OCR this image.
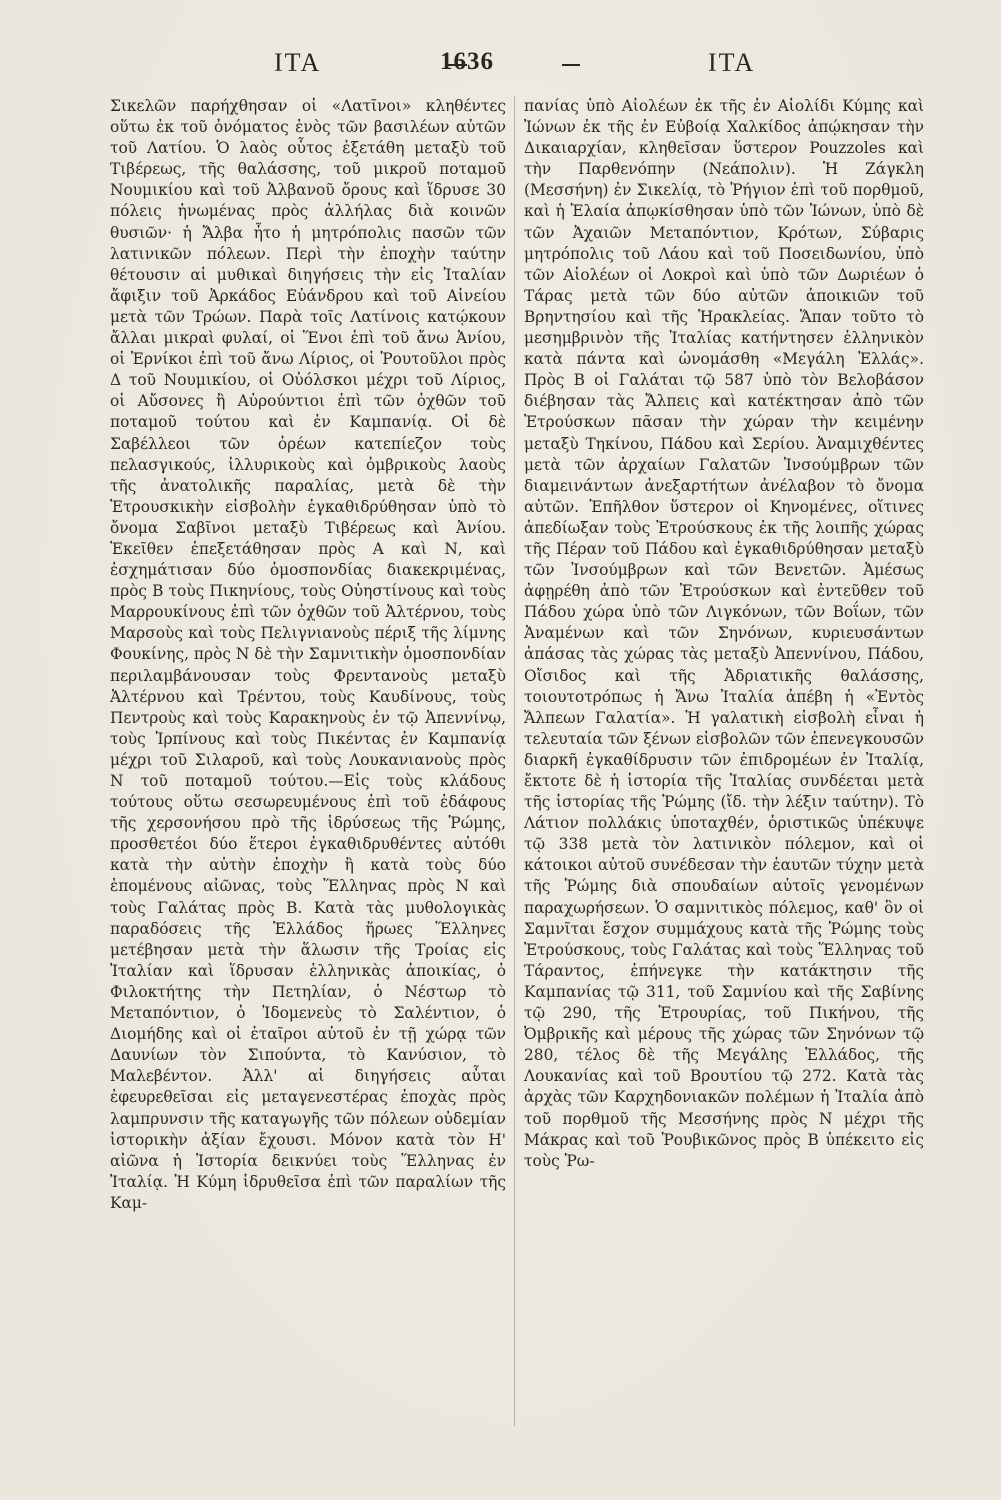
ΙΤΑ	1636	ΙΤΑ

Σικελῶν παρήχθησαν οἱ «Λατῖνοι» κληθέντες οὕτω ἐκ τοῦ ὀνόματος ἑνὸς τῶν βασιλέων αὐτῶν τοῦ Λατίου. Ὁ λαὸς οὗτος ἐξετάθη μεταξὺ τοῦ Τιβέρεως, τῆς θαλάσσης, τοῦ μικροῦ ποταμοῦ Νουμικίου καὶ τοῦ Ἀλβανοῦ ὄρους καὶ ἵδρυσε 30 πόλεις ἡνωμένας πρὸς ἀλλήλας διὰ κοινῶν θυσιῶν· ἡ Ἄλβα ἦτο ἡ μητρόπολις πασῶν τῶν λατινικῶν πόλεων. Περὶ τὴν ἐποχὴν ταύτην θέτουσιν αἱ μυθικαὶ διηγήσεις τὴν εἰς Ἰταλίαν ἄφιξιν τοῦ Ἀρκάδος Εὐάνδρου καὶ τοῦ Αἰνείου μετὰ τῶν Τρώων. Παρὰ τοῖς Λατίνοις κατῴκουν ἄλλαι μικραὶ φυλαί, οἱ Ἕνοι ἐπὶ τοῦ ἄνω Ἀνίου, οἱ Ἐρνίκοι ἐπὶ τοῦ ἄνω Λίριος, οἱ Ῥουτοῦλοι πρὸς Δ τοῦ Νουμικίου, οἱ Οὐόλσκοι μέχρι τοῦ Λίριος, οἱ Αὔσονες ἢ Αὐρούντιοι ἐπὶ τῶν ὀχθῶν τοῦ ποταμοῦ τούτου καὶ ἐν Καμπανίᾳ. Οἱ δὲ Σαβέλλεοι τῶν ὀρέων κατεπίεζον τοὺς πελασγικούς, ἰλλυρικοὺς καὶ ὀμβρικοὺς λαοὺς τῆς ἀνατολικῆς παραλίας, μετὰ δὲ τὴν Ἐτρουσκικὴν εἰσβολὴν ἐγκαθιδρύθησαν ὑπὸ τὸ ὄνομα Σαβῖνοι μεταξὺ Τιβέρεως καὶ Ἀνίου. Ἐκεῖθεν ἐπεξετάθησαν πρὸς Α καὶ Ν, καὶ ἐσχημάτισαν δύο ὁμοσπονδίας διακεκριμένας, πρὸς Β τοὺς Πικηνίους, τοὺς Οὐηστίνους καὶ τοὺς Μαρρουκίνους ἐπὶ τῶν ὀχθῶν τοῦ Ἀλτέρνου, τοὺς Μαρσοὺς καὶ τοὺς Πελιγνιανοὺς πέριξ τῆς λίμνης Φουκίνης, πρὸς Ν δὲ τὴν Σαμνιτικὴν ὁμοσπονδίαν περιλαμβάνουσαν τοὺς Φρεντανοὺς μεταξὺ Ἀλτέρνου καὶ Τρέντου, τοὺς Καυδίνους, τοὺς Πεντροὺς καὶ τοὺς Καρακηνοὺς ἐν τῷ Ἀπεννίνῳ, τοὺς Ἱρπίνους καὶ τοὺς Πικέντας ἐν Καμπανίᾳ μέχρι τοῦ Σιλαροῦ, καὶ τοὺς Λουκανιανοὺς πρὸς Ν τοῦ ποταμοῦ τούτου.—Εἰς τοὺς κλάδους τούτους οὕτω σεσωρευμένους ἐπὶ τοῦ ἐδάφους τῆς χερσονήσου πρὸ τῆς ἱδρύσεως τῆς Ῥώμης, προσθετέοι δύο ἕτεροι ἐγκαθιδρυθέντες αὐτόθι κατὰ τὴν αὐτὴν ἐποχὴν ἢ κατὰ τοὺς δύο ἑπομένους αἰῶνας, τοὺς Ἕλληνας πρὸς Ν καὶ τοὺς Γαλάτας πρὸς Β. Κατὰ τὰς μυθολογικὰς παραδόσεις τῆς Ἑλλάδος ἥρωες Ἕλληνες μετέβησαν μετὰ τὴν ἅλωσιν τῆς Τροίας εἰς Ἰταλίαν καὶ ἵδρυσαν ἑλληνικὰς ἀποικίας, ὁ Φιλοκτήτης τὴν Πετηλίαν, ὁ Νέστωρ τὸ Μεταπόντιον, ὁ Ἰδομενεὺς τὸ Σαλέντιον, ὁ Διομήδης καὶ οἱ ἑταῖροι αὐτοῦ ἐν τῇ χώρᾳ τῶν Δαυνίων τὸν Σιπούντα, τὸ Κανύσιον, τὸ Μαλεβέντον. Ἀλλ' αἱ διηγήσεις αὗται ἐφευρεθεῖσαι εἰς μεταγενεστέρας ἐποχὰς πρὸς λαμπρυνσιν τῆς καταγωγῆς τῶν πόλεων οὐδεμίαν ἱστορικὴν ἀξίαν ἔχουσι. Μόνον κατὰ τὸν Η' αἰῶνα ἡ Ἱστορία δεικνύει τοὺς Ἕλληνας ἐν Ἰταλίᾳ. Ἡ Κύμη ἱδρυθεῖσα ἐπὶ τῶν παραλίων τῆς Καμ-

πανίας ὑπὸ Αἰολέων ἐκ τῆς ἐν Αἰολίδι Κύμης καὶ Ἰώνων ἐκ τῆς ἐν Εὐβοίᾳ Χαλκίδος ἀπῴκησαν τὴν Δικαιαρχίαν, κληθεῖσαν ὕστερον Pouzzoles καὶ τὴν Παρθενόπην (Νεάπολιν). Ἡ Ζάγκλη (Μεσσήνη) ἐν Σικελίᾳ, τὸ Ῥήγιον ἐπὶ τοῦ πορθμοῦ, καὶ ἡ Ἐλαία ἀπῳκίσθησαν ὑπὸ τῶν Ἰώνων, ὑπὸ δὲ τῶν Ἀχαιῶν Μεταπόντιον, Κρότων, Σύβαρις μητρόπολις τοῦ Λάου καὶ τοῦ Ποσειδωνίου, ὑπὸ τῶν Αἰολέων οἱ Λοκροὶ καὶ ὑπὸ τῶν Δωριέων ὁ Τάρας μετὰ τῶν δύο αὐτῶν ἀποικιῶν τοῦ Βρηντησίου καὶ τῆς Ἡρακλείας. Ἅπαν τοῦτο τὸ μεσημβρινὸν τῆς Ἰταλίας κατήντησεν ἑλληνικὸν κατὰ πάντα καὶ ὠνομάσθη «Μεγάλη Ἑλλάς». Πρὸς Β οἱ Γαλάται τῷ 587 ὑπὸ τὸν Βελοβάσον διέβησαν τὰς Ἄλπεις καὶ κατέκτησαν ἀπὸ τῶν Ἐτρούσκων πᾶσαν τὴν χώραν τὴν κειμένην μεταξὺ Τηκίνου, Πάδου καὶ Σερίου. Ἀναμιχθέντες μετὰ τῶν ἀρχαίων Γαλατῶν Ἰνσούμβρων τῶν διαμεινάντων ἀνεξαρτήτων ἀνέλαβον τὸ ὄνομα αὐτῶν. Ἐπῆλθον ὕστερον οἱ Κηνομένες, οἵτινες ἀπεδίωξαν τοὺς Ἐτρούσκους ἐκ τῆς λοιπῆς χώρας τῆς Πέραν τοῦ Πάδου καὶ ἐγκαθιδρύθησαν μεταξὺ τῶν Ἰνσούμβρων καὶ τῶν Βενετῶν. Ἀμέσως ἀφῃρέθη ἀπὸ τῶν Ἐτρούσκων καὶ ἐντεῦθεν τοῦ Πάδου χώρα ὑπὸ τῶν Λιγκόνων, τῶν Βοΐων, τῶν Ἀναμένων καὶ τῶν Σηνόνων, κυριευσάντων ἁπάσας τὰς χώρας τὰς μεταξὺ Ἀπεννίνου, Πάδου, Οἴσιδος καὶ τῆς Ἀδριατικῆς θαλάσσης, τοιουτοτρόπως ἡ Ἄνω Ἰταλία ἀπέβη ἡ «Ἐντὸς Ἄλπεων Γαλατία». Ἡ γαλατικὴ εἰσβολὴ εἶναι ἡ τελευταία τῶν ξένων εἰσβολῶν τῶν ἐπενεγκουσῶν διαρκῆ ἐγκαθίδρυσιν τῶν ἐπιδρομέων ἐν Ἰταλίᾳ, ἔκτοτε δὲ ἡ ἱστορία τῆς Ἰταλίας συνδέεται μετὰ τῆς ἱστορίας τῆς Ῥώμης (ἴδ. τὴν λέξιν ταύτην). Τὸ Λάτιον πολλάκις ὑποταχθέν, ὁριστικῶς ὑπέκυψε τῷ 338 μετὰ τὸν λατινικὸν πόλεμον, καὶ οἱ κάτοικοι αὐτοῦ συνέδεσαν τὴν ἑαυτῶν τύχην μετὰ τῆς Ῥώμης διὰ σπουδαίων αὐτοῖς γενομένων παραχωρήσεων. Ὁ σαμνιτικὸς πόλεμος, καθ' ὃν οἱ Σαμνῖται ἔσχον συμμάχους κατὰ τῆς Ῥώμης τοὺς Ἐτρούσκους, τοὺς Γαλάτας καὶ τοὺς Ἕλληνας τοῦ Τάραντος, ἐπήνεγκε τὴν κατάκτησιν τῆς Καμπανίας τῷ 311, τοῦ Σαμνίου καὶ τῆς Σαβίνης τῷ 290, τῆς Ἐτρουρίας, τοῦ Πικήνου, τῆς Ὀμβρικῆς καὶ μέρους τῆς χώρας τῶν Σηνόνων τῷ 280, τέλος δὲ τῆς Μεγάλης Ἑλλάδος, τῆς Λουκανίας καὶ τοῦ Βρουτίου τῷ 272. Κατὰ τὰς ἀρχὰς τῶν Καρχηδονιακῶν πολέμων ἡ Ἰταλία ἀπὸ τοῦ πορθμοῦ τῆς Μεσσήνης πρὸς Ν μέχρι τῆς Μάκρας καὶ τοῦ Ῥουβικῶνος πρὸς Β ὑπέκειτο εἰς τοὺς Ῥω-
